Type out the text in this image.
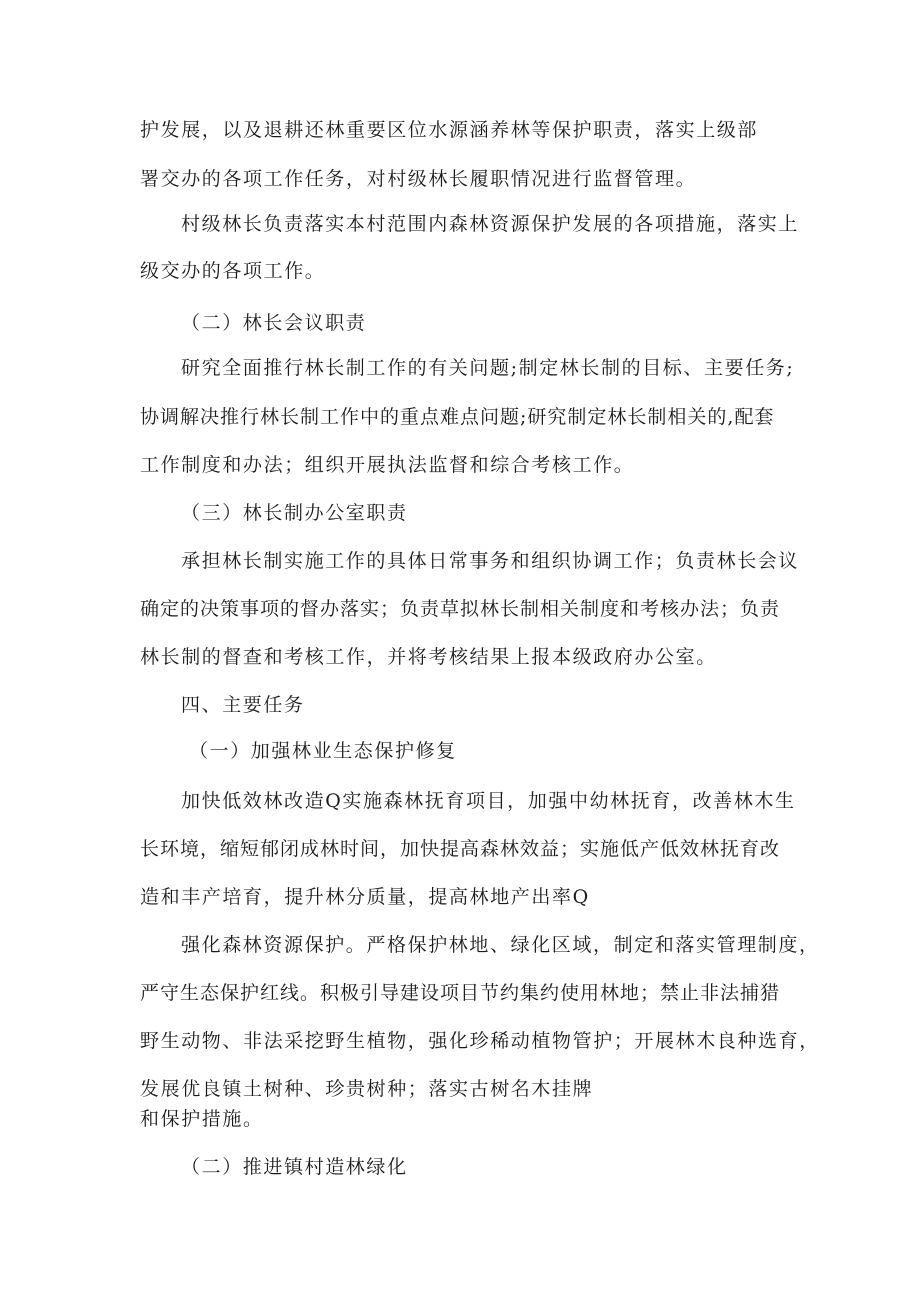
护发展，以及退耕还林重要区位水源涵养林等保护职责，落实上级部
署交办的各项工作任务，对村级林长履职情况进行监督管理。
村级林长负责落实本村范围内森林资源保护发展的各项措施，落实上
级交办的各项工作。
（二）林长会议职责
研究全面推行林长制工作的有关问题;制定林长制的目标、主要任务;
协调解决推行林长制工作中的重点难点问题;研究制定林长制相关的,配套
工作制度和办法；组织开展执法监督和综合考核工作。
（三）林长制办公室职责
承担林长制实施工作的具体日常事务和组织协调工作；负责林长会议
确定的决策事项的督办落实；负责草拟林长制相关制度和考核办法；负责
林长制的督查和考核工作，并将考核结果上报本级政府办公室。
四、主要任务
（一）加强林业生态保护修复
加快低效林改造Q实施森林抚育项目，加强中幼林抚育，改善林木生
长环境，缩短郁闭成林时间，加快提高森林效益；实施低产低效林抚育改
造和丰产培育，提升林分质量，提高林地产出率Q
强化森林资源保护。严格保护林地、绿化区域，制定和落实管理制度，
严守生态保护红线。积极引导建设项目节约集约使用林地；禁止非法捕猎
野生动物、非法采挖野生植物，强化珍稀动植物管护；开展林木良种选育，
发展优良镇土树种、珍贵树种；落实古树名木挂牌
和保护措施。
（二）推进镇村造林绿化
